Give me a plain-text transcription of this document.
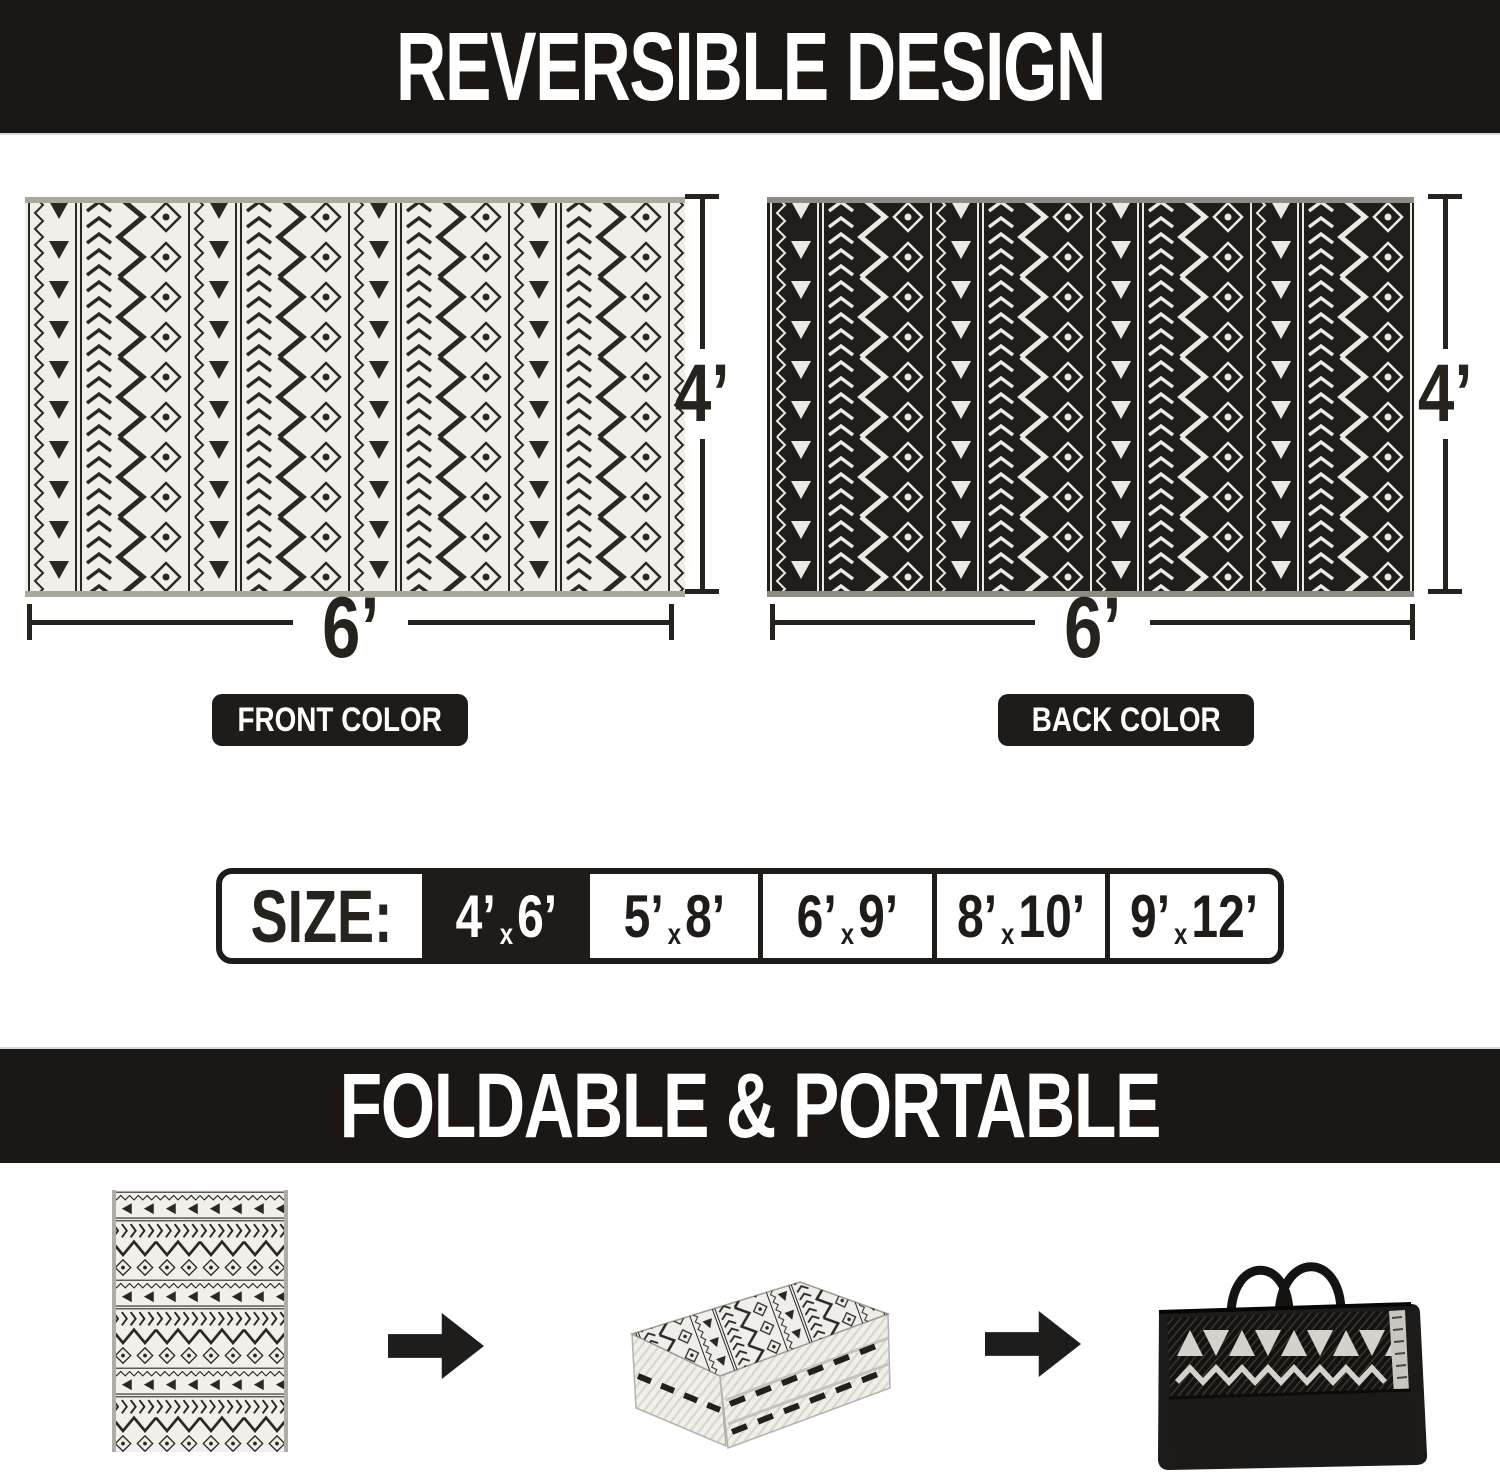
REVERSIBLE DESIGN
4’	4’
6’	6’
FRONT COLOR	BACK COLOR
SIZE: 4’ x6’ 5’ x8’ 6’ x9’ 8’ x10’ 9’ x12’
FOLDABLE & PORTABLE
